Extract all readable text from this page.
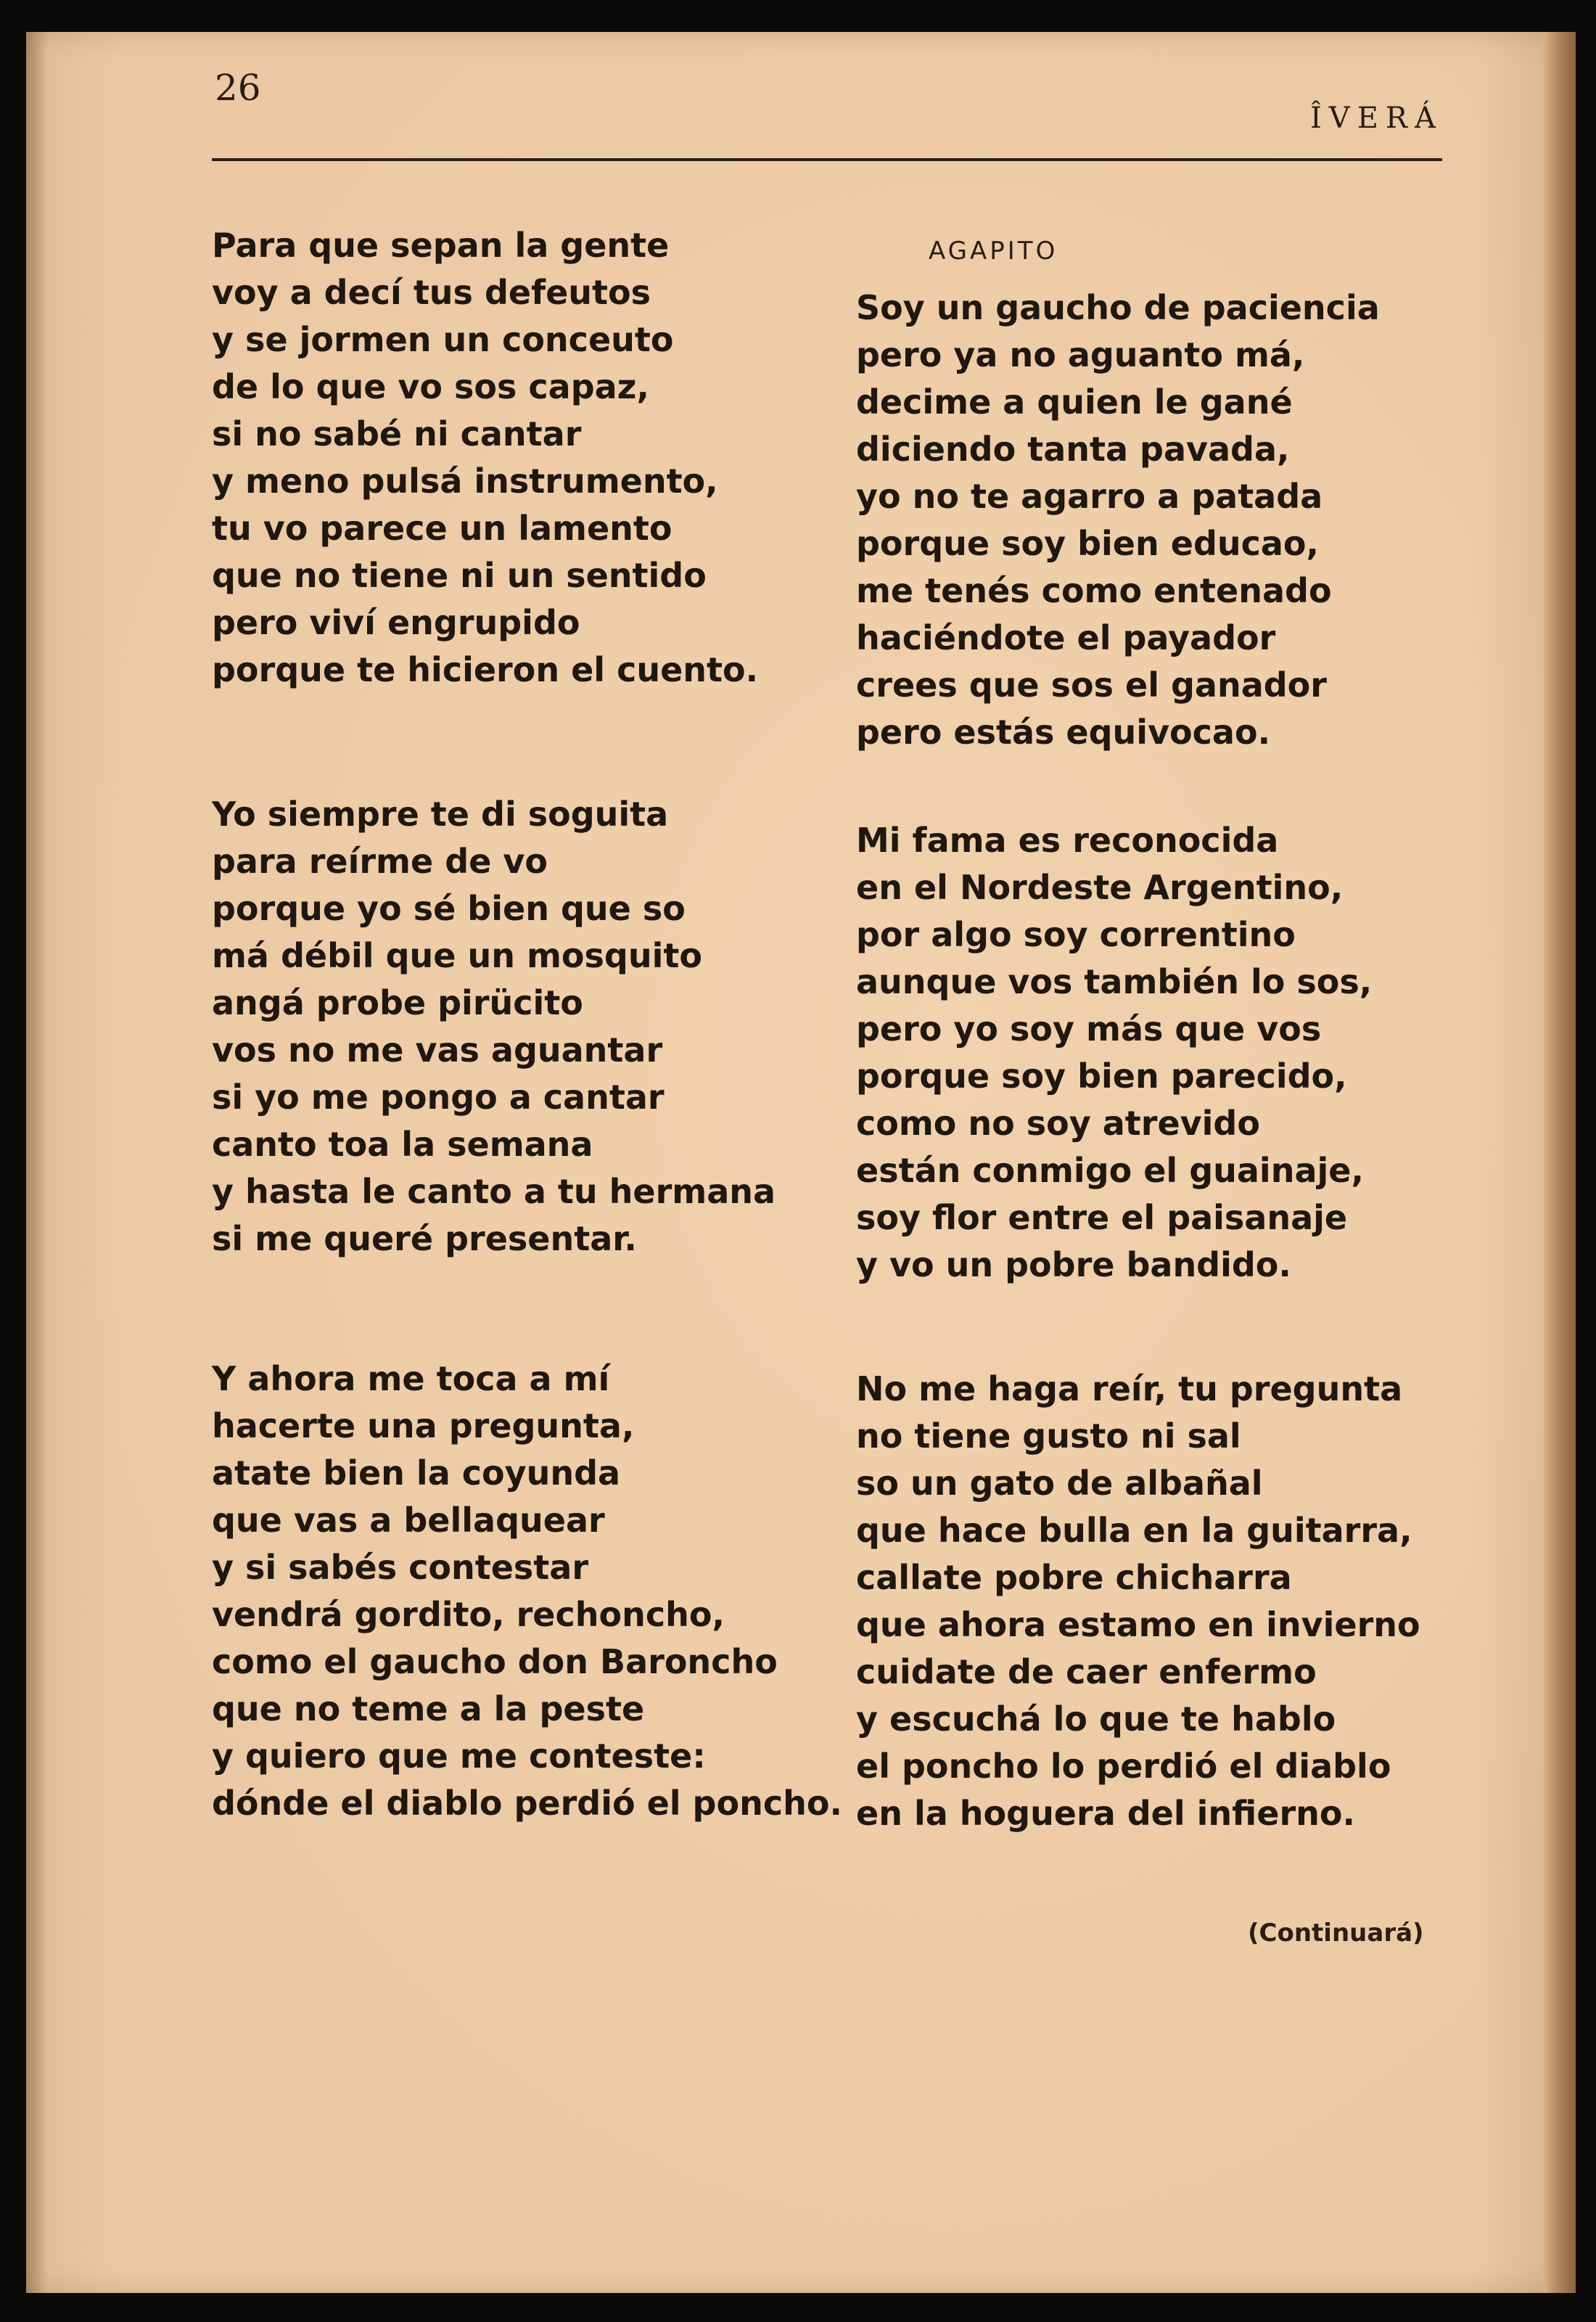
26
ÎVERÁ
AGAPITO
Para que sepan la gente
voy a decí tus defeutos
y se jormen un conceuto
de lo que vo sos capaz,
si no sabé ni cantar
y meno pulsá instrumento,
tu vo parece un lamento
que no tiene ni un sentido
pero viví engrupido
porque te hicieron el cuento.
Yo siempre te di soguita
para reírme de vo
porque yo sé bien que so
má débil que un mosquito
angá probe pirücito
vos no me vas aguantar
si yo me pongo a cantar
canto toa la semana
y hasta le canto a tu hermana
si me queré presentar.
Y ahora me toca a mí
hacerte una pregunta,
atate bien la coyunda
que vas a bellaquear
y si sabés contestar
vendrá gordito, rechoncho,
como el gaucho don Baroncho
que no teme a la peste
y quiero que me conteste:
dónde el diablo perdió el poncho.
Soy un gaucho de paciencia
pero ya no aguanto má,
decime a quien le gané
diciendo tanta pavada,
yo no te agarro a patada
porque soy bien educao,
me tenés como entenado
haciéndote el payador
crees que sos el ganador
pero estás equivocao.
Mi fama es reconocida
en el Nordeste Argentino,
por algo soy correntino
aunque vos también lo sos,
pero yo soy más que vos
porque soy bien parecido,
como no soy atrevido
están conmigo el guainaje,
soy flor entre el paisanaje
y vo un pobre bandido.
No me haga reír, tu pregunta
no tiene gusto ni sal
so un gato de albañal
que hace bulla en la guitarra,
callate pobre chicharra
que ahora estamo en invierno
cuidate de caer enfermo
y escuchá lo que te hablo
el poncho lo perdió el diablo
en la hoguera del infierno.
(Continuará)
